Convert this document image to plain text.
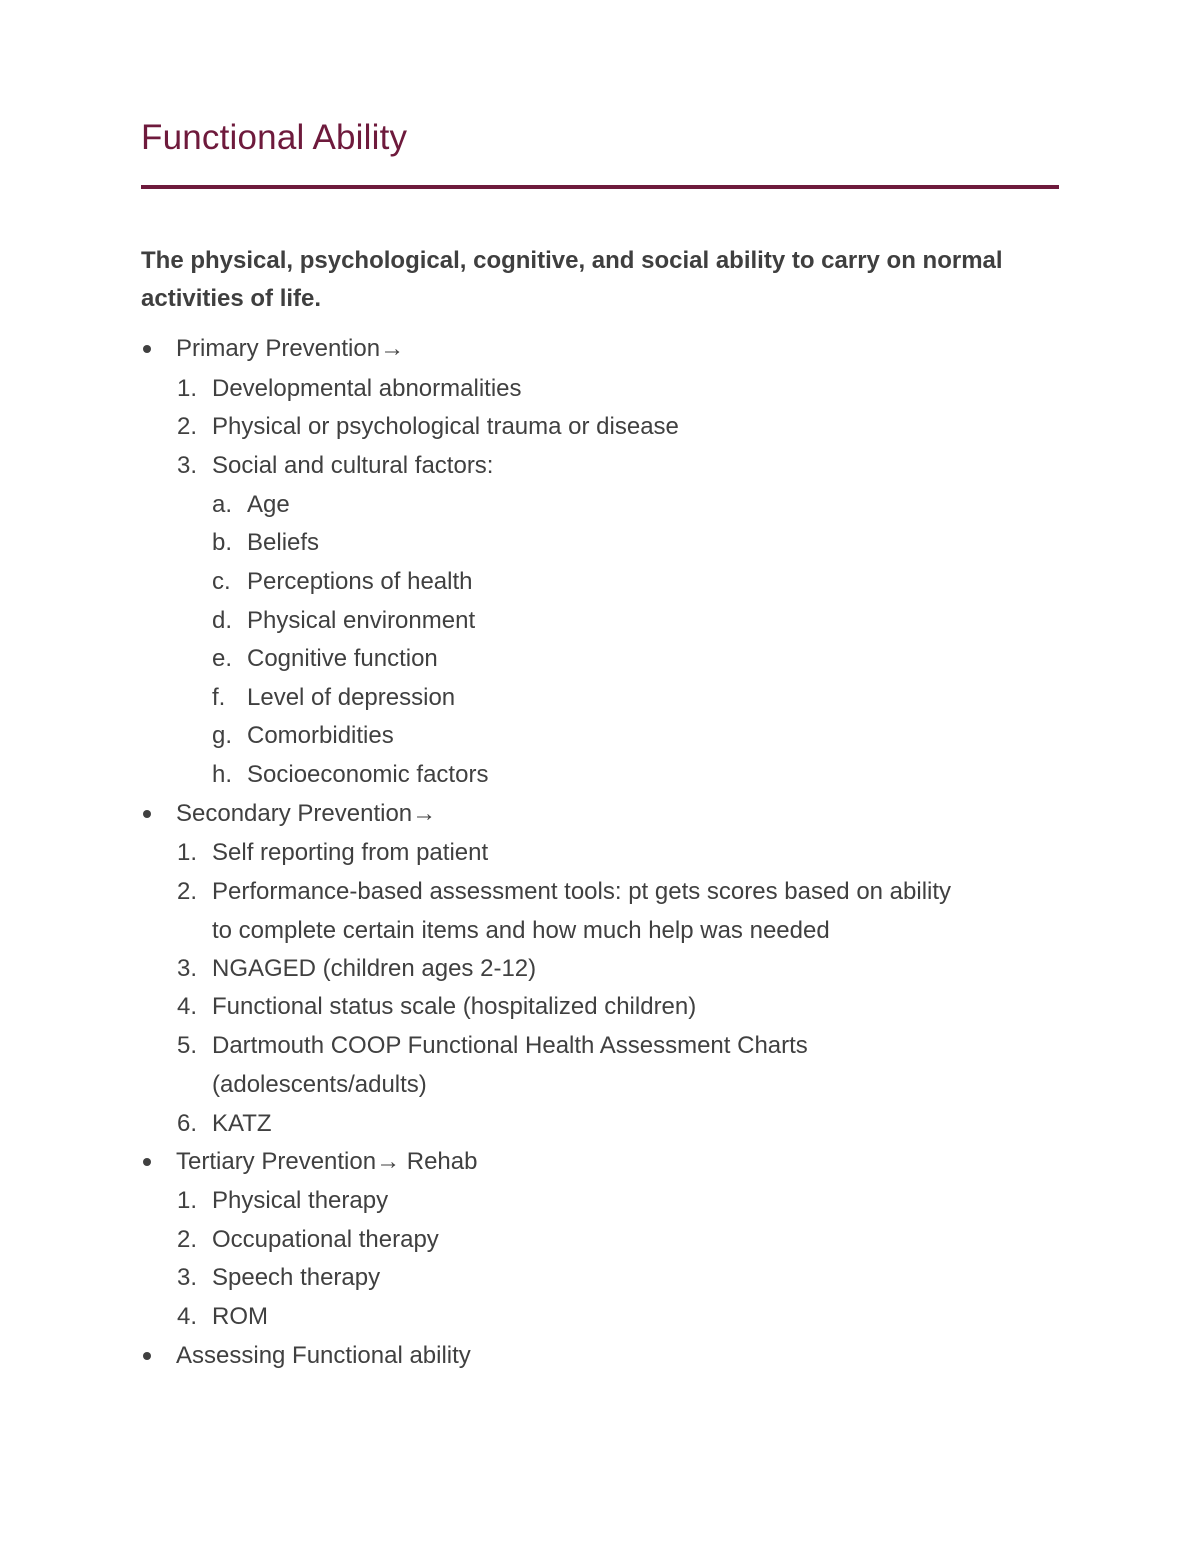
Functional Ability
The physical, psychological, cognitive, and social ability to carry on normal activities of life.
Primary Prevention→
1. Developmental abnormalities
2. Physical or psychological trauma or disease
3. Social and cultural factors:
a. Age
b. Beliefs
c. Perceptions of health
d. Physical environment
e. Cognitive function
f. Level of depression
g. Comorbidities
h. Socioeconomic factors
Secondary Prevention→
1. Self reporting from patient
2. Performance-based assessment tools: pt gets scores based on ability
to complete certain items and how much help was needed
3. NGAGED (children ages 2-12)
4. Functional status scale (hospitalized children)
5. Dartmouth COOP Functional Health Assessment Charts
(adolescents/adults)
6. KATZ
Tertiary Prevention→ Rehab
1. Physical therapy
2. Occupational therapy
3. Speech therapy
4. ROM
Assessing Functional ability
